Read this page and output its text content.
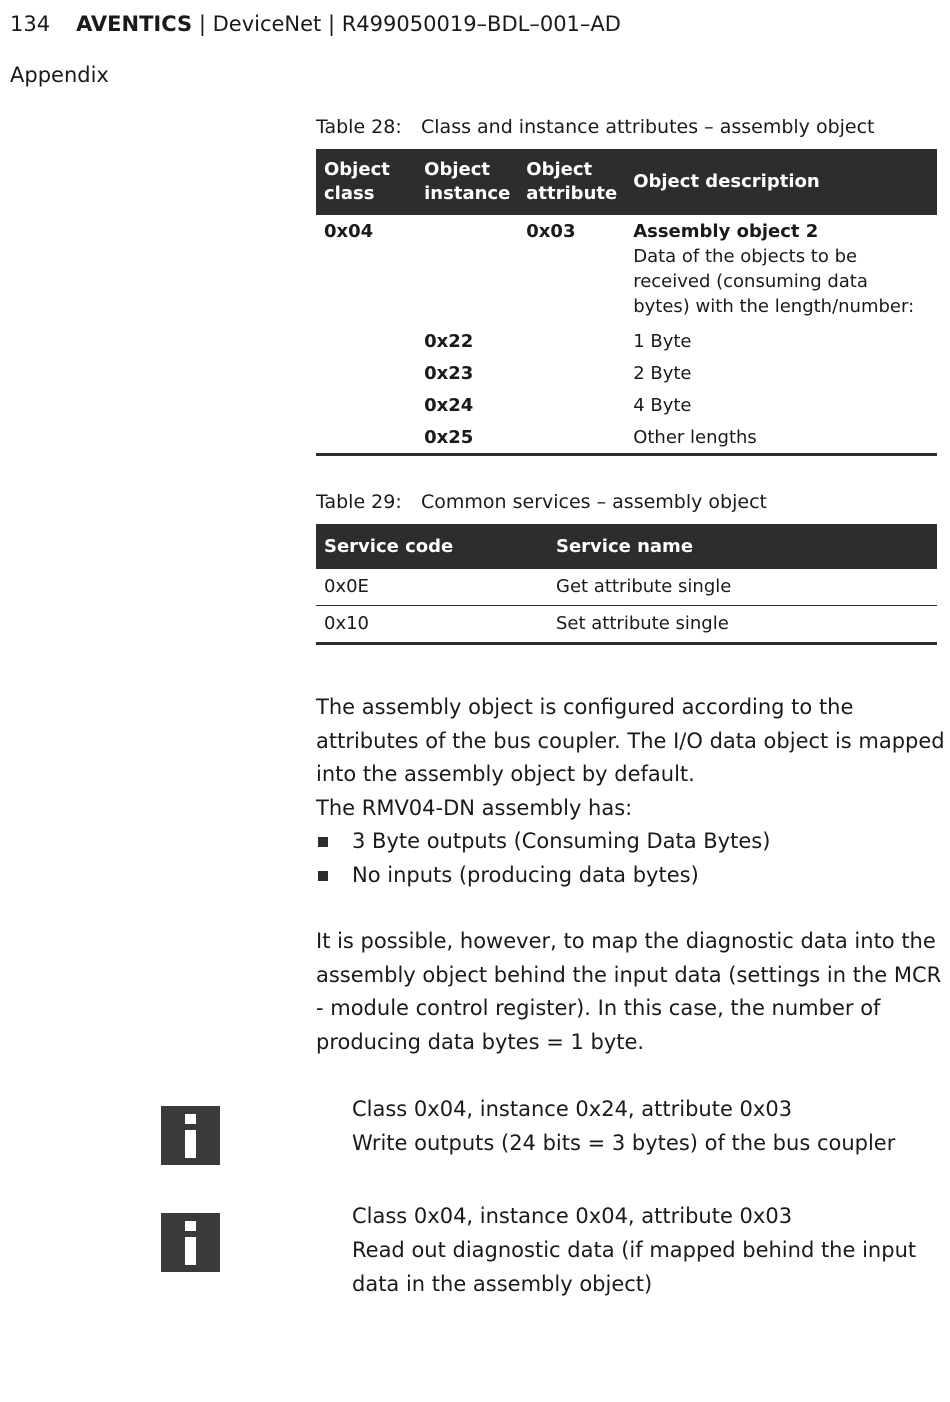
134 AVENTICS | DeviceNet | R499050019–BDL–001–AD
Appendix
Table 28: Class and instance attributes – assembly object
Object class	Object instance	Object attribute	Object description
0x04		0x03	Assembly object 2
Data of the objects to be received (consuming data bytes) with the length/number:

	0x22		1 Byte
	0x23		2 Byte
	0x24		4 Byte
	0x25		Other lengths
Table 29: Common services – assembly object
Service code	Service name
0x0E	Get attribute single
0x10	Set attribute single
The assembly object is configured according to the attributes of the bus coupler. The I/O data object is mapped into the assembly object by default.
The RMV04-DN assembly has:
3 Byte outputs (Consuming Data Bytes)
No inputs (producing data bytes)
It is possible, however, to map the diagnostic data into the assembly object behind the input data (settings in the MCR - module control register). In this case, the number of producing data bytes = 1 byte.
Class 0x04, instance 0x24, attribute 0x03
Write outputs (24 bits = 3 bytes) of the bus coupler
Class 0x04, instance 0x04, attribute 0x03
Read out diagnostic data (if mapped behind the input data in the assembly object)
